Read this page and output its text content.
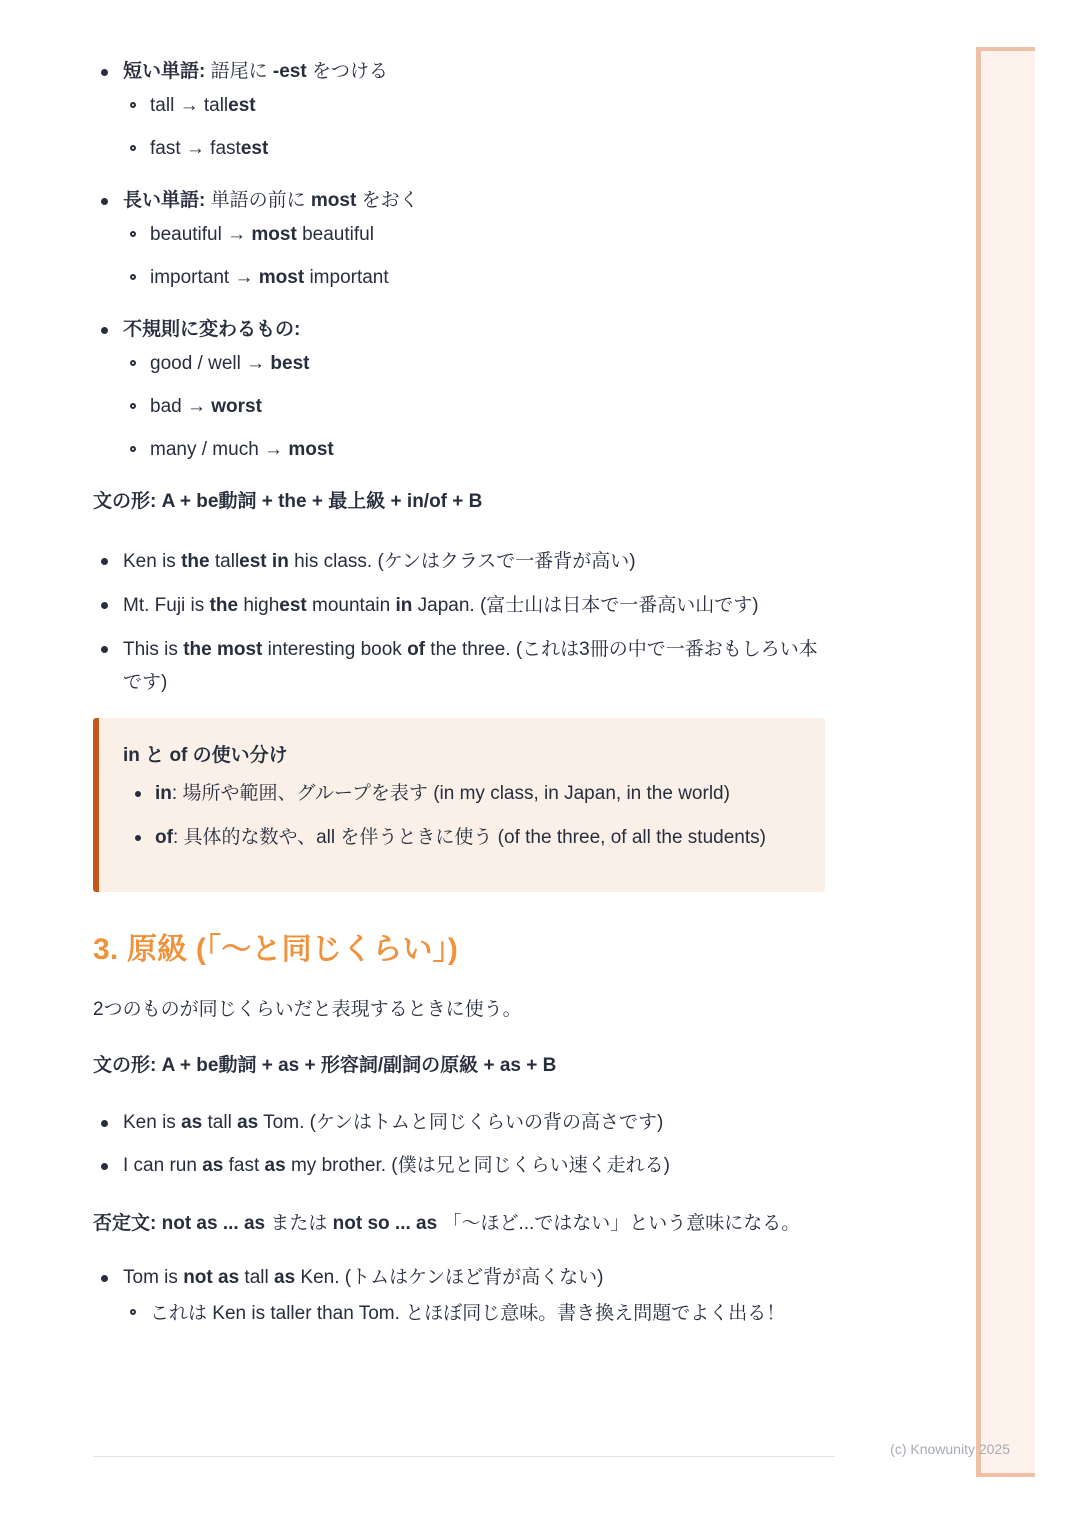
短い単語: 語尾に -est をつける
tall → tallest
fast → fastest
長い単語: 単語の前に most をおく
beautiful → most beautiful
important → most important
不規則に変わるもの:
good / well → best
bad → worst
many / much → most

文の形: A + be動詞 + the + 最上級 + in/of + B

Ken is the tallest in his class. (ケンはクラスで一番背が高い)
Mt. Fuji is the highest mountain in Japan. (富士山は日本で一番高い山です)
This is the most interesting book of the three. (これは3冊の中で一番おもしろい本です)
in と of の使い分け
in: 場所や範囲、グループを表す (in my class, in Japan, in the world)
of: 具体的な数や、all を伴うときに使う (of the three, of all the students)
3. 原級 (「〜と同じくらい」)

2つのものが同じくらいだと表現するときに使う。

文の形: A + be動詞 + as + 形容詞/副詞の原級 + as + B

Ken is as tall as Tom. (ケンはトムと同じくらいの背の高さです)
I can run as fast as my brother. (僕は兄と同じくらい速く走れる)

否定文: not as ... as または not so ... as 「〜ほど...ではない」という意味になる。

Tom is not as tall as Ken. (トムはケンほど背が高くない)
これは Ken is taller than Tom. とほぼ同じ意味。書き換え問題でよく出る！
(c) Knowunity 2025
